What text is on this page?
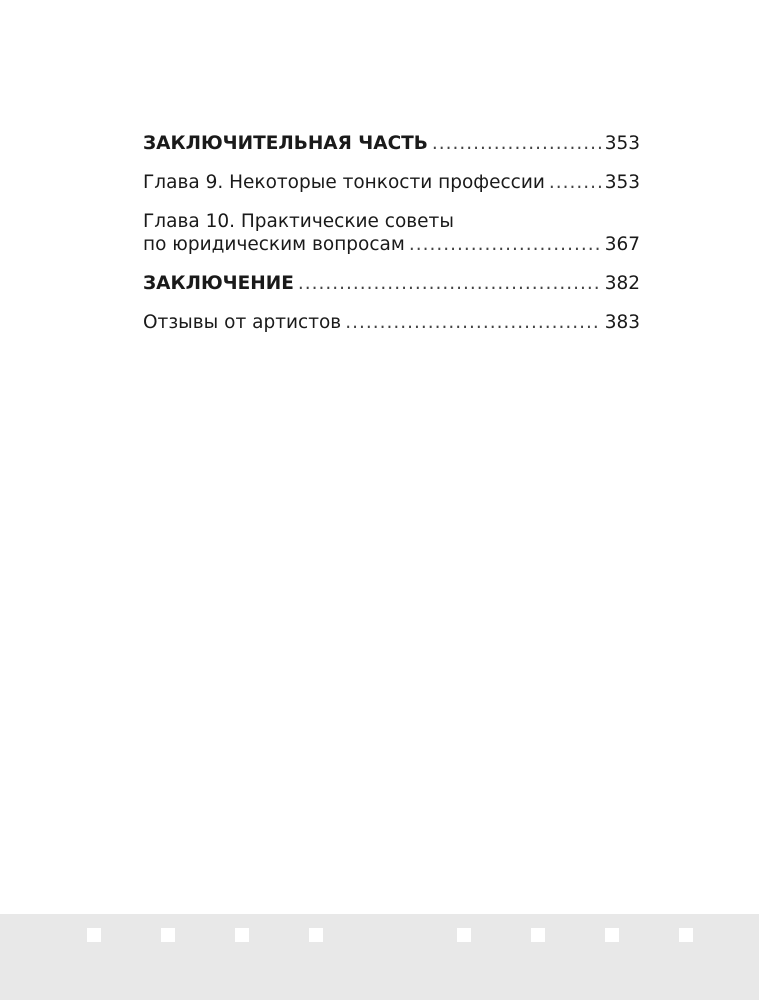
ЗАКЛЮЧИТЕЛЬНАЯ ЧАСТЬ .....	353
Глава 9. Некоторые тонкости профессии .....	353
Глава 10. Практические советы
по юридическим вопросам .....	367
ЗАКЛЮЧЕНИЕ .....	382
Отзывы от артистов .....	383
